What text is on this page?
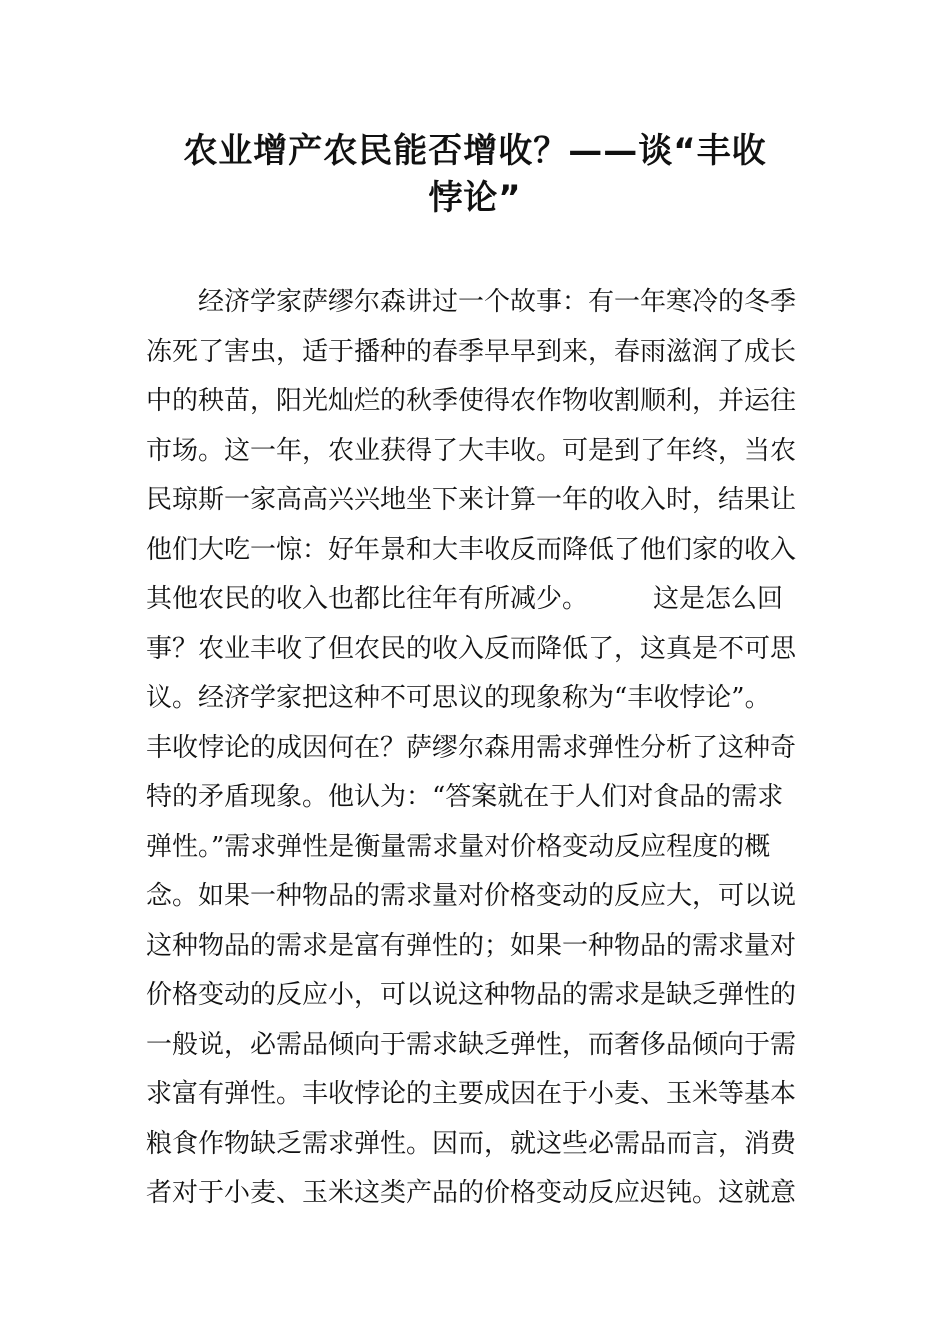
农业增产农民能否增收？——谈“丰收
悖论”
经济学家萨缪尔森讲过一个故事：有一年寒冷的冬季
冻死了害虫，适于播种的春季早早到来，春雨滋润了成长
中的秧苗，阳光灿烂的秋季使得农作物收割顺利，并运往
市场。这一年，农业获得了大丰收。可是到了年终，当农
民琼斯一家高高兴兴地坐下来计算一年的收入时，结果让
他们大吃一惊：好年景和大丰收反而降低了他们家的收入
其他农民的收入也都比往年有所减少。　　　这是怎么回
事？农业丰收了但农民的收入反而降低了，这真是不可思
议。经济学家把这种不可思议的现象称为“丰收悖论”。
丰收悖论的成因何在？萨缪尔森用需求弹性分析了这种奇
特的矛盾现象。他认为：“答案就在于人们对食品的需求
弹性。”需求弹性是衡量需求量对价格变动反应程度的概
念。如果一种物品的需求量对价格变动的反应大，可以说
这种物品的需求是富有弹性的；如果一种物品的需求量对
价格变动的反应小，可以说这种物品的需求是缺乏弹性的
一般说，必需品倾向于需求缺乏弹性，而奢侈品倾向于需
求富有弹性。丰收悖论的主要成因在于小麦、玉米等基本
粮食作物缺乏需求弹性。因而，就这些必需品而言，消费
者对于小麦、玉米这类产品的价格变动反应迟钝。这就意
